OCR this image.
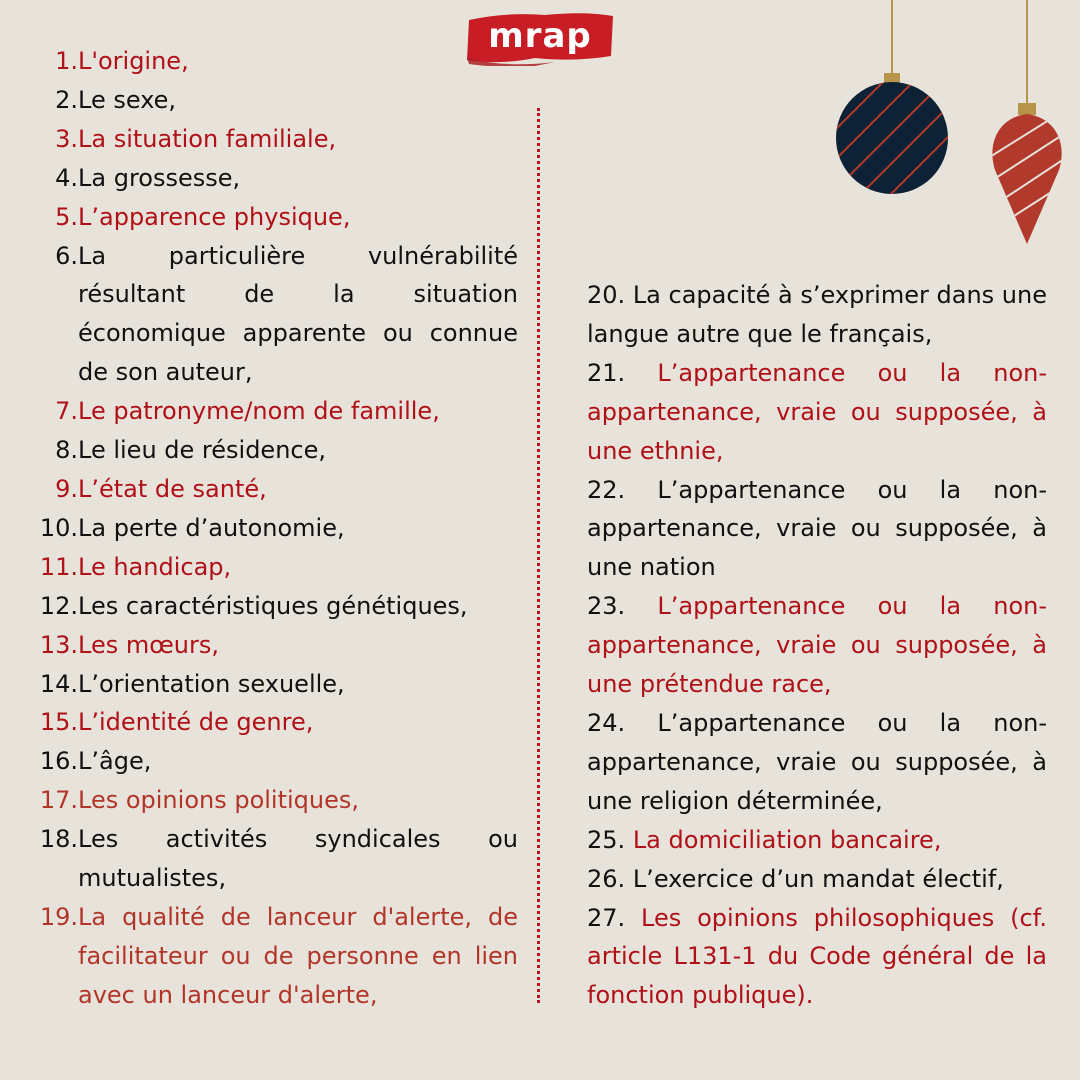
mrap
1. L'origine,
2. Le sexe,
3. La situation familiale,
4. La grossesse,
5. L’apparence physique,
6. La particulière vulnérabilité résultant de la situation économique apparente ou connue de son auteur,
7. Le patronyme/nom de famille,
8. Le lieu de résidence,
9. L’état de santé,
10. La perte d’autonomie,
11. Le handicap,
12. Les caractéristiques génétiques,
13. Les mœurs,
14. L’orientation sexuelle,
15. L’identité de genre,
16. L’âge,
17. Les opinions politiques,
18. Les activités syndicales ou mutualistes,
19. La qualité de lanceur d'alerte, de facilitateur ou de personne en lien avec un lanceur d'alerte,
20. La capacité à s’exprimer dans une langue autre que le français,
21. L’appartenance ou la non-appartenance, vraie ou supposée, à une ethnie,
22. L’appartenance ou la non-appartenance, vraie ou supposée, à une nation
23. L’appartenance ou la non-appartenance, vraie ou supposée, à une prétendue race,
24. L’appartenance ou la non-appartenance, vraie ou supposée, à une religion déterminée,
25. La domiciliation bancaire,
26. L’exercice d’un mandat électif,
27. Les opinions philosophiques (cf. article L131-1 du Code général de la fonction publique).
